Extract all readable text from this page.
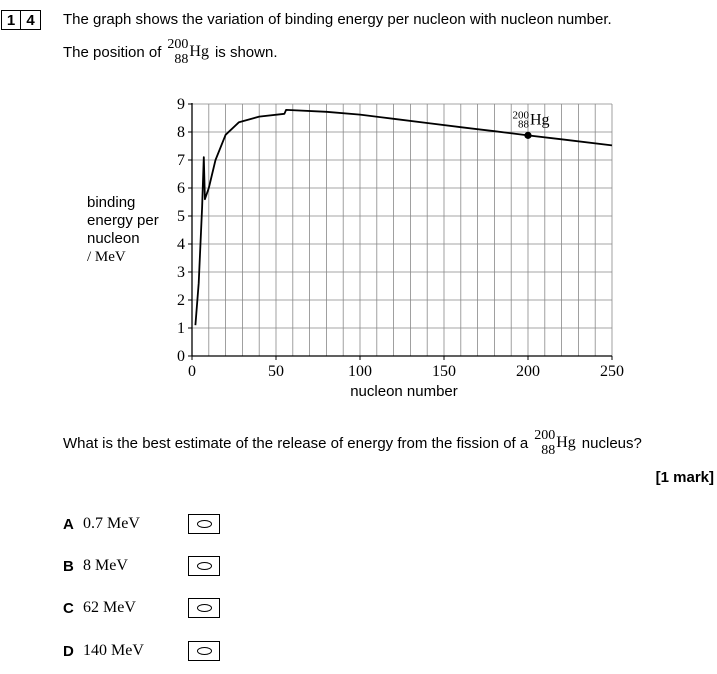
1 4	The graph shows the variation of binding energy per nucleon with nucleon number.
The position of 200
88 Hg is shown.
binding
energy per
nucleon
/ MeV
0	50	100	150	200	250
0
1
2
3
4
5
6
7
8
9
nucleon number
200
88 Hg
What is the best estimate of the release of energy from the fission of a 200
88 Hg nucleus?
[1 mark]
A 0.7 MeV
B 8 MeV
C 62 MeV
D 140 MeV
